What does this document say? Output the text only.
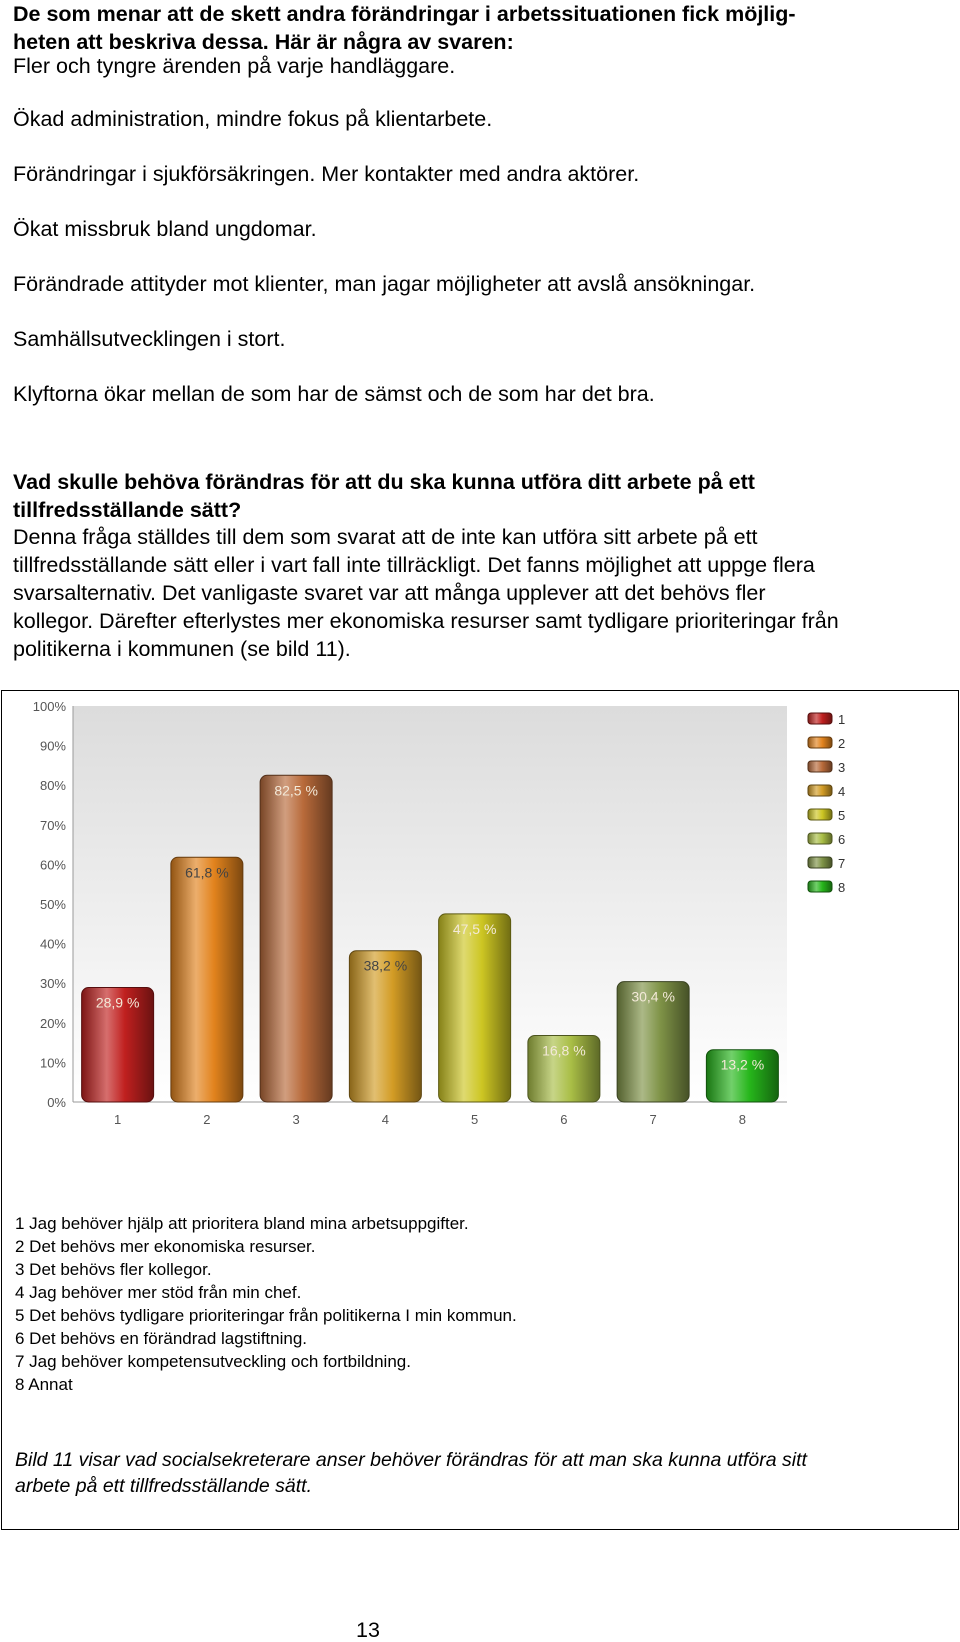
De som menar att de skett andra förändringar i arbetssituationen fick möjlig-
heten att beskriva dessa. Här är några av svaren:
Fler och tyngre ärenden på varje handläggare.
Ökad administration, mindre fokus på klientarbete.
Förändringar i sjukförsäkringen. Mer kontakter med andra aktörer.
Ökat missbruk bland ungdomar.
Förändrade attityder mot klienter, man jagar möjligheter att avslå ansökningar.
Samhällsutvecklingen i stort.
Klyftorna ökar mellan de som har de sämst och de som har det bra.
Vad skulle behöva förändras för att du ska kunna utföra ditt arbete på ett
tillfredsställande sätt?
Denna fråga ställdes till dem som svarat att de inte kan utföra sitt arbete på ett
tillfredsställande sätt eller i vart fall inte tillräckligt. Det fanns möjlighet att uppge flera
svarsalternativ. Det vanligaste svaret var att många upplever att det behövs fler
kollegor. Därefter efterlystes mer ekonomiska resurser samt tydligare prioriteringar från
politikerna i kommunen (se bild 11).
0%
10%
20%
30%
40%
50%
60%
70%
80%
90%
100%
28,9 %
1
61,8 %
2
82,5 %
3
38,2 %
4
47,5 %
5
16,8 %
6
30,4 %
7
13,2 %
8
1
2
3
4
5
6
7
8
1 Jag behöver hjälp att prioritera bland mina arbetsuppgifter.
2 Det behövs mer ekonomiska resurser.
3 Det behövs fler kollegor.
4 Jag behöver mer stöd från min chef.
5 Det behövs tydligare prioriteringar från politikerna I min kommun.
6 Det behövs en förändrad lagstiftning.
7 Jag behöver kompetensutveckling och fortbildning.
8 Annat
Bild 11 visar vad socialsekreterare anser behöver förändras för att man ska kunna utföra sitt
arbete på ett tillfredsställande sätt.
13
